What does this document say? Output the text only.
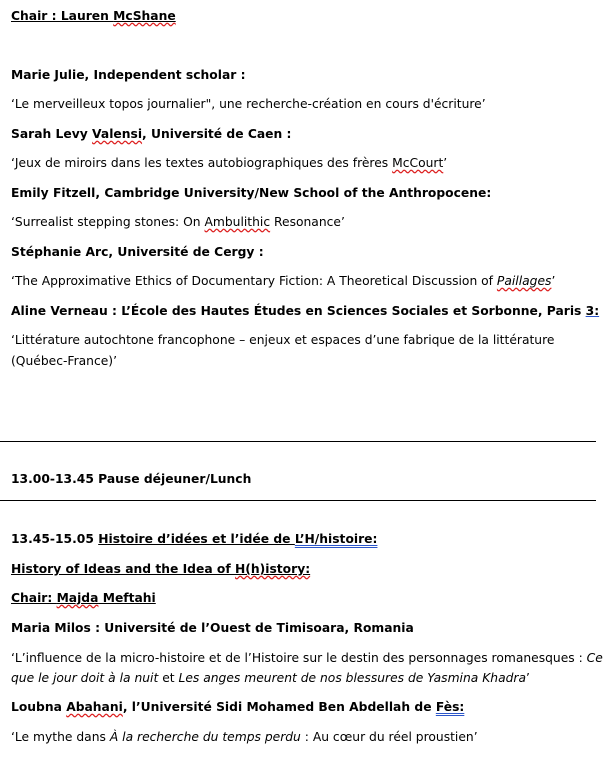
Chair : Lauren McShane
Marie Julie, Independent scholar :
‘Le merveilleux topos journalier", une recherche-création en cours d'écriture’
Sarah Levy Valensi, Université de Caen :
‘Jeux de miroirs dans les textes autobiographiques des frères McCourt’
Emily Fitzell, Cambridge University/New School of the Anthropocene:
‘Surrealist stepping stones: On Ambulithic Resonance’
Stéphanie Arc, Université de Cergy :
‘The Approximative Ethics of Documentary Fiction: A Theoretical Discussion of Paillages’
Aline Verneau : L’École des Hautes Études en Sciences Sociales et Sorbonne, Paris 3:
‘Littérature autochtone francophone – enjeux et espaces d’une fabrique de la littérature
(Québec-France)’
13.00-13.45 Pause déjeuner/Lunch
13.45-15.05 Histoire d’idées et l’idée de L’H/histoire:
History of Ideas and the Idea of H(h)istory:
Chair: Majda Meftahi
Maria Milos : Université de l’Ouest de Timisoara, Romania
‘L’influence de la micro-histoire et de l’Histoire sur le destin des personnages romanesques : Ce
que le jour doit à la nuit et Les anges meurent de nos blessures de Yasmina Khadra’
Loubna Abahani, l’Université Sidi Mohamed Ben Abdellah de Fès:
‘Le mythe dans À la recherche du temps perdu : Au cœur du réel proustien’
